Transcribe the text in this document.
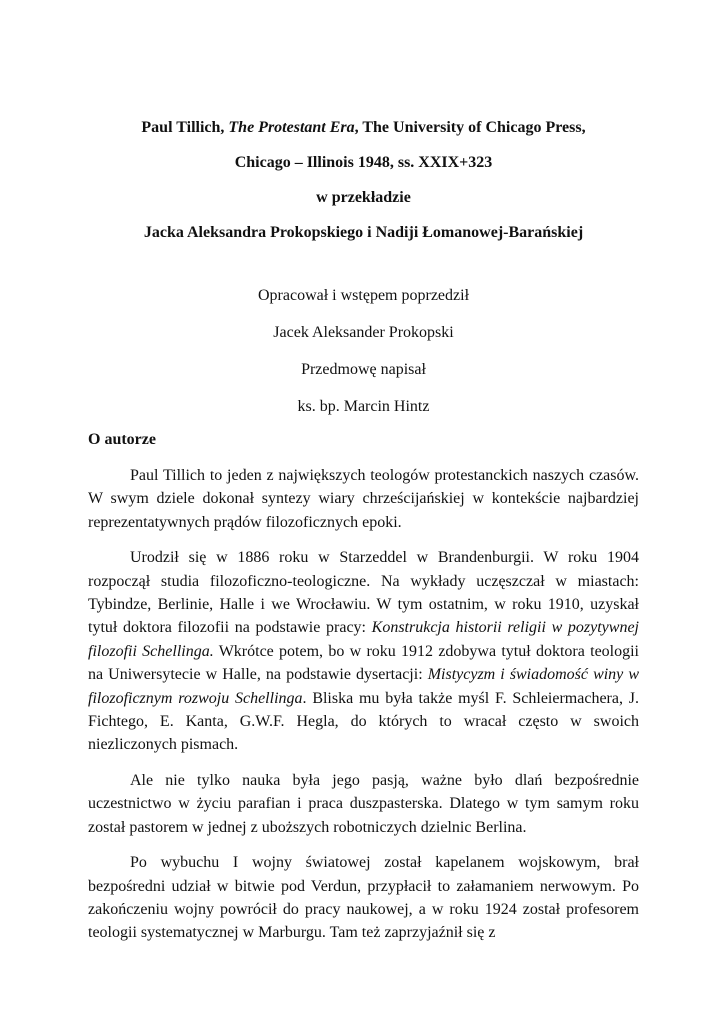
Paul Tillich, The Protestant Era, The University of Chicago Press,
Chicago – Illinois 1948, ss. XXIX+323
w przekładzie
Jacka Aleksandra Prokopskiego i Nadiji Łomanowej-Barańskiej
Opracował i wstępem poprzedził
Jacek Aleksander Prokopski
Przedmowę napisał
ks. bp. Marcin Hintz
O autorze

Paul Tillich to jeden z największych teologów protestanckich naszych czasów. W swym dziele dokonał syntezy wiary chrześcijańskiej w kontekście najbardziej reprezentatywnych prądów filozoficznych epoki.

Urodził się w 1886 roku w Starzeddel w Brandenburgii. W roku 1904 rozpoczął studia filozoficzno-teologiczne. Na wykłady uczęszczał w miastach: Tybindze, Berlinie, Halle i we Wrocławiu. W tym ostatnim, w roku 1910, uzyskał tytuł doktora filozofii na podstawie pracy: Konstrukcja historii religii w pozytywnej filozofii Schellinga. Wkrótce potem, bo w roku 1912 zdobywa tytuł doktora teologii na Uniwersytecie w Halle, na podstawie dysertacji: Mistycyzm i świadomość winy w filozoficznym rozwoju Schellinga. Bliska mu była także myśl F. Schleiermachera, J. Fichtego, E. Kanta, G.W.F. Hegla, do których to wracał często w swoich niezliczonych pismach.

Ale nie tylko nauka była jego pasją, ważne było dlań bezpośrednie uczestnictwo w życiu parafian i praca duszpasterska. Dlatego w tym samym roku został pastorem w jednej z uboższych robotniczych dzielnic Berlina.

Po wybuchu I wojny światowej został kapelanem wojskowym, brał bezpośredni udział w bitwie pod Verdun, przypłacił to załamaniem nerwowym. Po zakończeniu wojny powrócił do pracy naukowej, a w roku 1924 został profesorem teologii systematycznej w Marburgu. Tam też zaprzyjaźnił się z
